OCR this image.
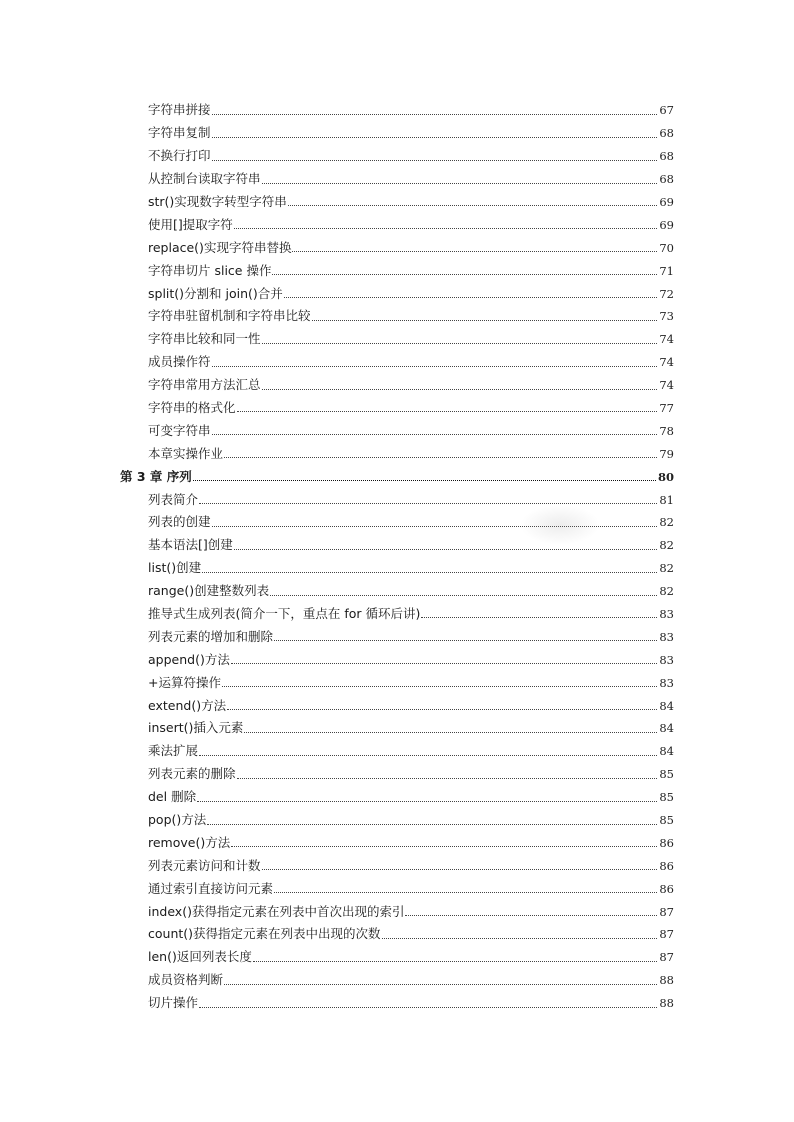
字符串拼接	67
字符串复制	68
不换行打印	68
从控制台读取字符串	68
str()实现数字转型字符串	69
使用[]提取字符	69
replace()实现字符串替换	70
字符串切片 slice 操作	71
split()分割和 join()合并	72
字符串驻留机制和字符串比较	73
字符串比较和同一性	74
成员操作符	74
字符串常用方法汇总	74
字符串的格式化	77
可变字符串	78
本章实操作业	79
第 3 章 序列	80
列表简介	81
列表的创建	82
基本语法[]创建	82
list()创建	82
range()创建整数列表	82
推导式生成列表(简介一下，重点在 for 循环后讲)	83
列表元素的增加和删除	83
append()方法	83
+运算符操作	83
extend()方法	84
insert()插入元素	84
乘法扩展	84
列表元素的删除	85
del 删除	85
pop()方法	85
remove()方法	86
列表元素访问和计数	86
通过索引直接访问元素	86
index()获得指定元素在列表中首次出现的索引	87
count()获得指定元素在列表中出现的次数	87
len()返回列表长度	87
成员资格判断	88
切片操作	88
